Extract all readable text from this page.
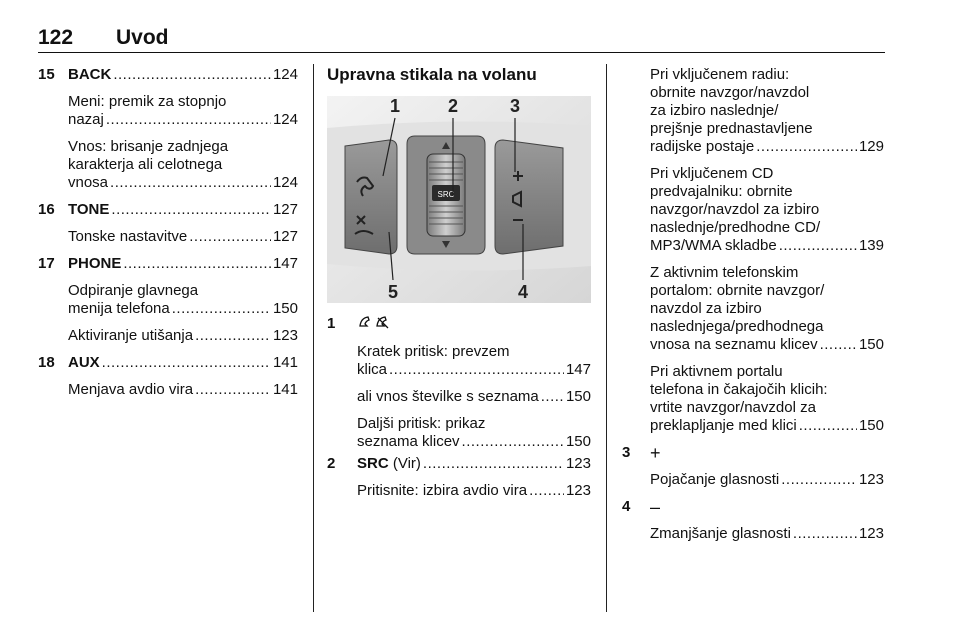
122 Uvod
15 BACK .....	124
Meni: premik za stopnjo
nazaj .....	124
Vnos: brisanje zadnjega
karakterja ali celotnega
vnosa .....	124
16 TONE .....	127
Tonske nastavitve .....	127
17 PHONE .....	147
Odpiranje glavnega
menija telefona .....	150
Aktiviranje utišanja .....	123
18 AUX .....	141
Menjava avdio vira .....	141
Upravna stikala na volanu
SRC
1	2	3
4
5
1
Kratek pritisk: prevzem
klica .....	147
ali vnos številke s seznama ..... 150
Daljši pritisk: prikaz
seznama klicev .....	150
2 SRC (Vir) .....	123
Pritisnite: izbira avdio vira .....	123
Pri vključenem radiu:
obrnite navzgor/navzdol
za izbiro naslednje/
prejšnje prednastavljene
radijske postaje .....	129
Pri vključenem CD
predvajalniku: obrnite
navzgor/navzdol za izbiro
naslednje/predhodne CD/
MP3/WMA skladbe .....	139
Z aktivnim telefonskim
portalom: obrnite navzgor/
navzdol za izbiro
naslednjega/predhodnega
vnosa na seznamu klicev .....	150
Pri aktivnem portalu
telefona in čakajočih klicih:
vrtite navzgor/navzdol za
preklapljanje med klici .....	150
3 +
Pojačanje glasnosti .....	123
4 –
Zmanjšanje glasnosti .....	123
